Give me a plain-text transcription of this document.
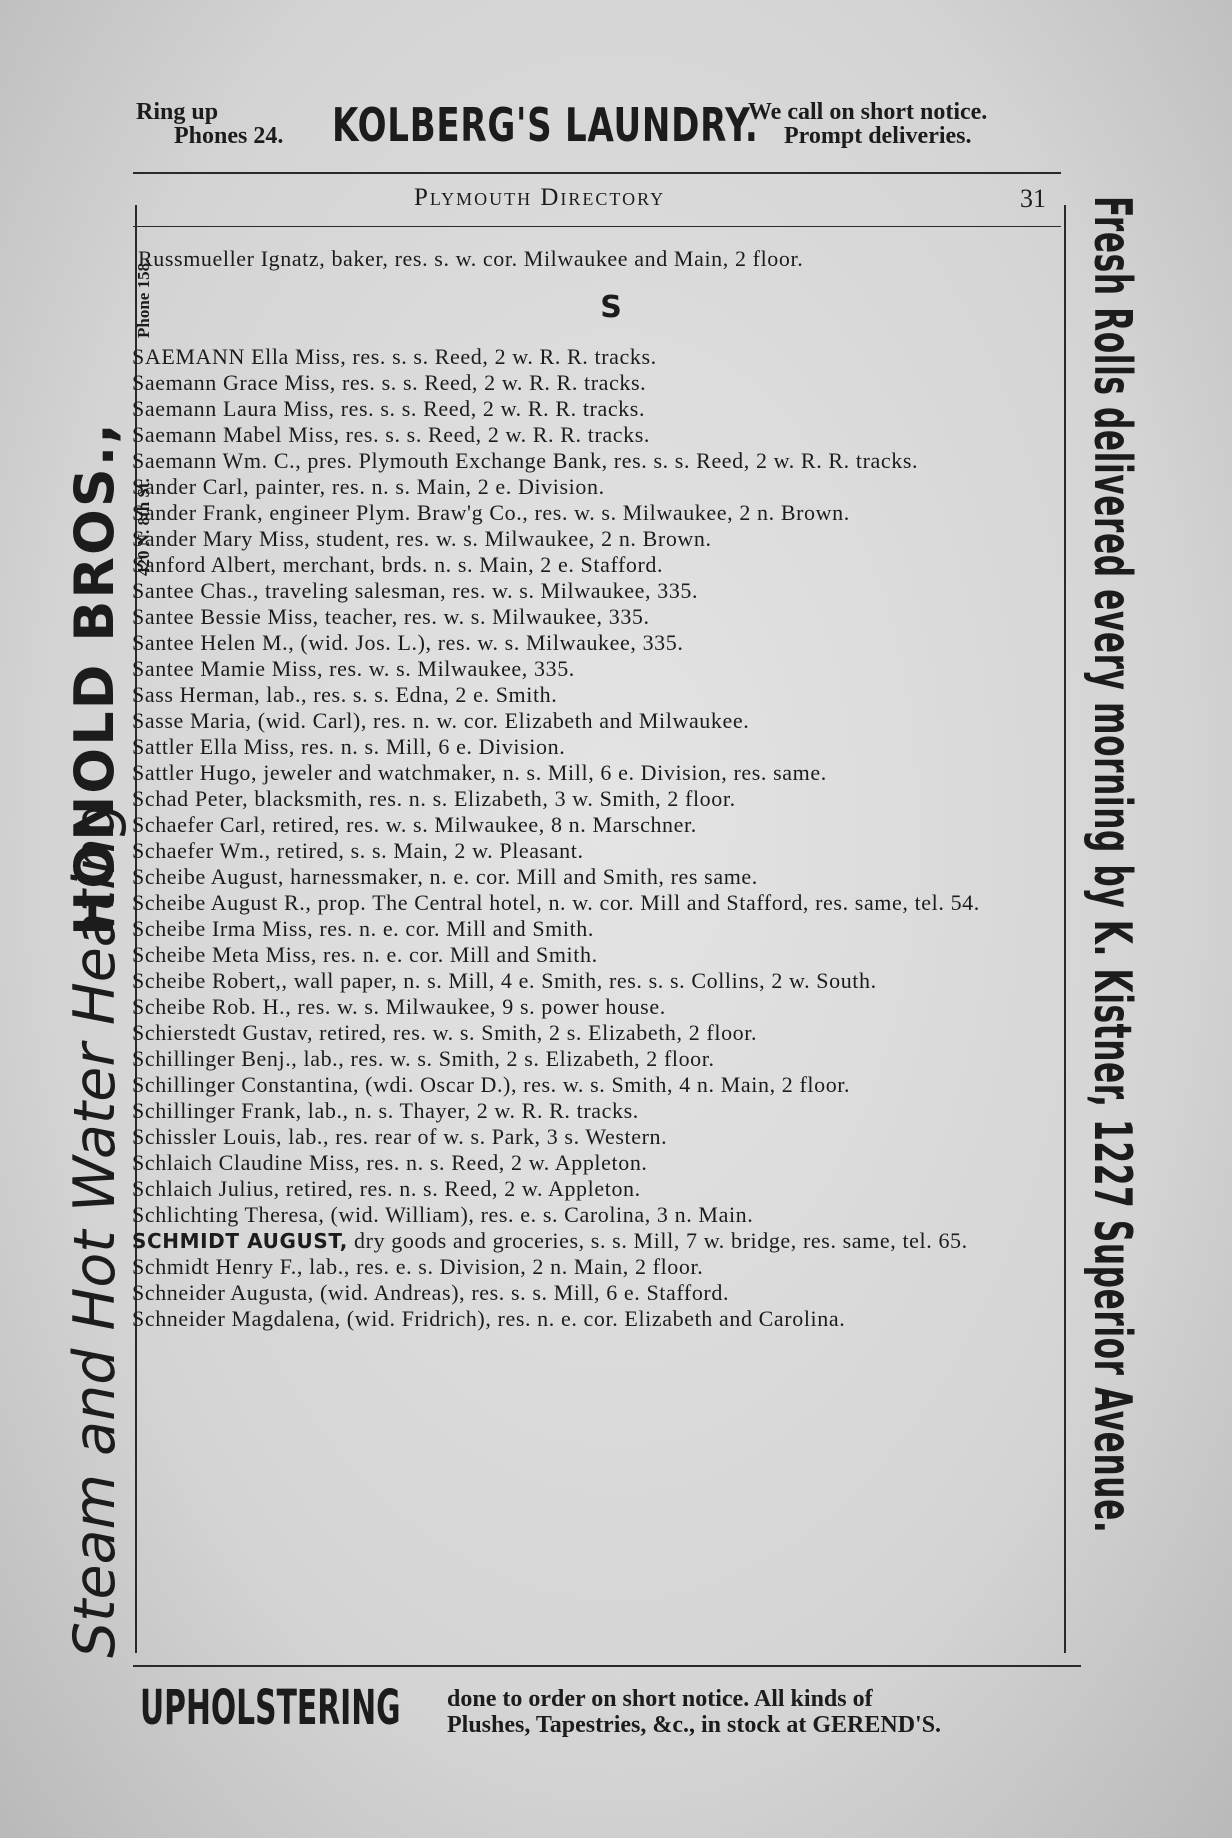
Ring up
Phones 24. KOLBERG'S LAUNDRY.
We call on short notice.
Prompt deliveries.
Plymouth Directory	31
Steam and Hot Water Heating
HONOLD BROS., 420 N. 8th St.
Phone 158.	Fresh Rolls delivered every morning by K. Kistner, 1227 Superior Avenue.

Russmueller Ignatz, baker, res. s. w. cor. Milwaukee and Main, 2 floor.

S

SAEMANN Ella Miss, res. s. s. Reed, 2 w. R. R. tracks.

Saemann Grace Miss, res. s. s. Reed, 2 w. R. R. tracks.

Saemann Laura Miss, res. s. s. Reed, 2 w. R. R. tracks.

Saemann Mabel Miss, res. s. s. Reed, 2 w. R. R. tracks.

Saemann Wm. C., pres. Plymouth Exchange Bank, res. s. s. Reed, 2 w. R. R. tracks.

Sander Carl, painter, res. n. s. Main, 2 e. Division.

Sander Frank, engineer Plym. Braw'g Co., res. w. s. Milwaukee, 2 n. Brown.

Sander Mary Miss, student, res. w. s. Milwaukee, 2 n. Brown.

Sanford Albert, merchant, brds. n. s. Main, 2 e. Stafford.

Santee Chas., traveling salesman, res. w. s. Milwaukee, 335.

Santee Bessie Miss, teacher, res. w. s. Milwaukee, 335.

Santee Helen M., (wid. Jos. L.), res. w. s. Milwaukee, 335.

Santee Mamie Miss, res. w. s. Milwaukee, 335.

Sass Herman, lab., res. s. s. Edna, 2 e. Smith.

Sasse Maria, (wid. Carl), res. n. w. cor. Elizabeth and Milwaukee.

Sattler Ella Miss, res. n. s. Mill, 6 e. Division.

Sattler Hugo, jeweler and watchmaker, n. s. Mill, 6 e. Division, res. same.

Schad Peter, blacksmith, res. n. s. Elizabeth, 3 w. Smith, 2 floor.

Schaefer Carl, retired, res. w. s. Milwaukee, 8 n. Marschner.

Schaefer Wm., retired, s. s. Main, 2 w. Pleasant.

Scheibe August, harnessmaker, n. e. cor. Mill and Smith, res same.

Scheibe August R., prop. The Central hotel, n. w. cor. Mill and Stafford, res. same, tel. 54.

Scheibe Irma Miss, res. n. e. cor. Mill and Smith.

Scheibe Meta Miss, res. n. e. cor. Mill and Smith.

Scheibe Robert,, wall paper, n. s. Mill, 4 e. Smith, res. s. s. Collins, 2 w. South.

Scheibe Rob. H., res. w. s. Milwaukee, 9 s. power house.

Schierstedt Gustav, retired, res. w. s. Smith, 2 s. Elizabeth, 2 floor.

Schillinger Benj., lab., res. w. s. Smith, 2 s. Elizabeth, 2 floor.

Schillinger Constantina, (wdi. Oscar D.), res. w. s. Smith, 4 n. Main, 2 floor.

Schillinger Frank, lab., n. s. Thayer, 2 w. R. R. tracks.

Schissler Louis, lab., res. rear of w. s. Park, 3 s. Western.

Schlaich Claudine Miss, res. n. s. Reed, 2 w. Appleton.

Schlaich Julius, retired, res. n. s. Reed, 2 w. Appleton.

Schlichting Theresa, (wid. William), res. e. s. Carolina, 3 n. Main.

SCHMIDT AUGUST, dry goods and groceries, s. s. Mill, 7 w. bridge, res. same, tel. 65.

Schmidt Henry F., lab., res. e. s. Division, 2 n. Main, 2 floor.

Schneider Augusta, (wid. Andreas), res. s. s. Mill, 6 e. Stafford.

Schneider Magdalena, (wid. Fridrich), res. n. e. cor. Elizabeth and Carolina.

UPHOLSTERING done to order on short notice. All kinds of
Plushes, Tapestries, &c., in stock at GEREND'S.
